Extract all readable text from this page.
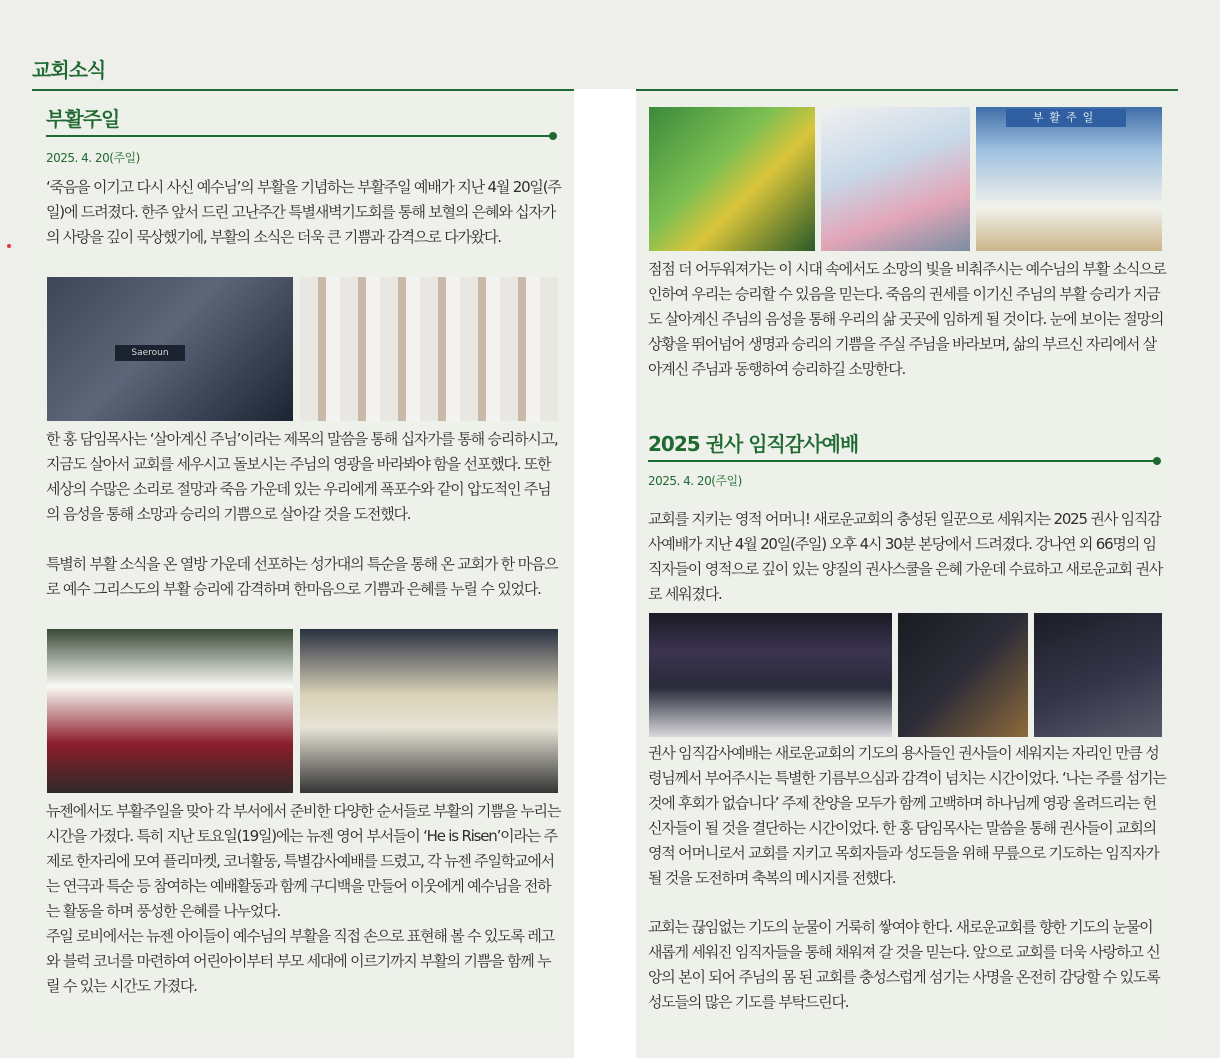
교회소식
부활주일
2025. 4. 20(주일)
‘죽음을 이기고 다시 사신 예수님’의 부활을 기념하는 부활주일 예배가 지난 4월 20일(주일)에 드려졌다. 한주 앞서 드린 고난주간 특별새벽기도회를 통해 보혈의 은혜와 십자가의 사랑을 깊이 묵상했기에, 부활의 소식은 더욱 큰 기쁨과 감격으로 다가왔다.
Saeroun
한 홍 담임목사는 ‘살아계신 주님’이라는 제목의 말씀을 통해 십자가를 통해 승리하시고, 지금도 살아서 교회를 세우시고 돌보시는 주님의 영광을 바라봐야 함을 선포했다. 또한 세상의 수많은 소리로 절망과 죽음 가운데 있는 우리에게 폭포수와 같이 압도적인 주님의 음성을 통해 소망과 승리의 기쁨으로 살아갈 것을 도전했다.
특별히 부활 소식을 온 열방 가운데 선포하는 성가대의 특순을 통해 온 교회가 한 마음으로 예수 그리스도의 부활 승리에 감격하며 한마음으로 기쁨과 은혜를 누릴 수 있었다.
뉴젠에서도 부활주일을 맞아 각 부서에서 준비한 다양한 순서들로 부활의 기쁨을 누리는 시간을 가졌다. 특히 지난 토요일(19일)에는 뉴젠 영어 부서들이 ‘He is Risen’이라는 주제로 한자리에 모여 플리마켓, 코너활동, 특별감사예배를 드렸고, 각 뉴젠 주일학교에서는 연극과 특순 등 참여하는 예배활동과 함께 구디백을 만들어 이웃에게 예수님을 전하는 활동을 하며 풍성한 은혜를 나누었다.
주일 로비에서는 뉴젠 아이들이 예수님의 부활을 직접 손으로 표현해 볼 수 있도록 레고와 블럭 코너를 마련하여 어린아이부터 부모 세대에 이르기까지 부활의 기쁨을 함께 누릴 수 있는 시간도 가졌다.
부활주일
점점 더 어두워져가는 이 시대 속에서도 소망의 빛을 비춰주시는 예수님의 부활 소식으로 인하여 우리는 승리할 수 있음을 믿는다. 죽음의 권세를 이기신 주님의 부활 승리가 지금도 살아계신 주님의 음성을 통해 우리의 삶 곳곳에 임하게 될 것이다. 눈에 보이는 절망의 상황을 뛰어넘어 생명과 승리의 기쁨을 주실 주님을 바라보며, 삶의 부르신 자리에서 살아계신 주님과 동행하여 승리하길 소망한다.
2025 권사 임직감사예배
2025. 4. 20(주일)
교회를 지키는 영적 어머니! 새로운교회의 충성된 일꾼으로 세워지는 2025 권사 임직감사예배가 지난 4월 20일(주일) 오후 4시 30분 본당에서 드려졌다. 강나연 외 66명의 임직자들이 영적으로 깊이 있는 양질의 권사스쿨을 은혜 가운데 수료하고 새로운교회 권사로 세워졌다.
권사 임직감사예배는 새로운교회의 기도의 용사들인 권사들이 세워지는 자리인 만큼 성령님께서 부어주시는 특별한 기름부으심과 감격이 넘치는 시간이었다. ‘나는 주를 섬기는 것에 후회가 없습니다’ 주제 찬양을 모두가 함께 고백하며 하나님께 영광 올려드리는 헌신자들이 될 것을 결단하는 시간이었다. 한 홍 담임목사는 말씀을 통해 권사들이 교회의 영적 어머니로서 교회를 지키고 목회자들과 성도들을 위해 무릎으로 기도하는 임직자가 될 것을 도전하며 축복의 메시지를 전했다.
교회는 끊임없는 기도의 눈물이 거룩히 쌓여야 한다. 새로운교회를 향한 기도의 눈물이 새롭게 세워진 임직자들을 통해 채워져 갈 것을 믿는다. 앞으로 교회를 더욱 사랑하고 신앙의 본이 되어 주님의 몸 된 교회를 충성스럽게 섬기는 사명을 온전히 감당할 수 있도록 성도들의 많은 기도를 부탁드린다.
